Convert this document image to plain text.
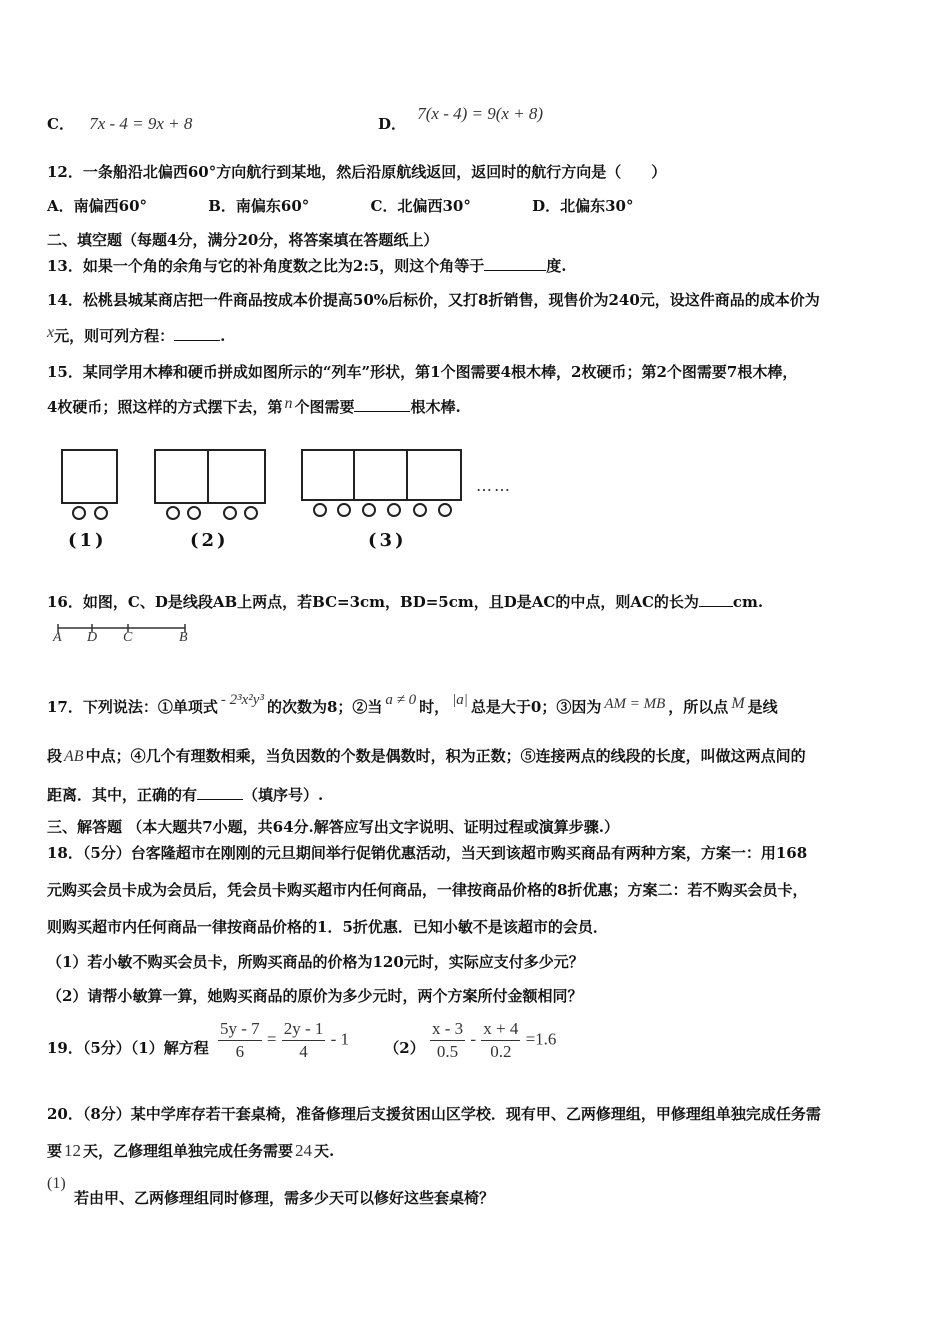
C． 7x - 4 = 9x + 8	D． 7(x - 4) = 9(x + 8)
12．一条船沿北偏西60°方向航行到某地，然后沿原航线返回，返回时的航行方向是（　　）
A．南偏西60°	B．南偏东60°	C．北偏西30°	D．北偏东30°
二、填空题（每题4分，满分20分，将答案填在答题纸上）
13．如果一个角的余角与它的补角度数之比为2:5，则这个角等于	度.
14．松桃县城某商店把一件商品按成本价提高50%后标价，又打8折销售，现售价为240元，设这件商品的成本价为
x元，则可列方程：	.
15．某同学用木棒和硬币拼成如图所示的“列车”形状，第1个图需要4根木棒，2枚硬币；第2个图需要7根木棒，
4枚硬币；照这样的方式摆下去，第 n 个图需要	根木棒.
(1)	(2)	(3)
……
16．如图，C、D是线段AB上两点，若BC=3cm，BD=5cm，且D是AC的中点，则AC的长为 cm.
A D C	B
17．下列说法：①单项式 - 2³x²y³ 的次数为8；②当 a ≠ 0 时， |a| 总是大于0；③因为 AM = MB ，所以点 M 是线
段 AB 中点；④几个有理数相乘，当负因数的个数是偶数时，积为正数；⑤连接两点的线段的长度，叫做这两点间的
距离．其中，正确的有	（填序号）.
三、解答题 （本大题共7小题，共64分.解答应写出文字说明、证明过程或演算步骤.）
18．（5分）台客隆超市在刚刚的元旦期间举行促销优惠活动，当天到该超市购买商品有两种方案，方案一：用168
元购买会员卡成为会员后，凭会员卡购买超市内任何商品，一律按商品价格的8折优惠；方案二：若不购买会员卡，
则购买超市内任何商品一律按商品价格的1．5折优惠．已知小敏不是该超市的会员．
（1）若小敏不购买会员卡，所购买商品的价格为120元时，实际应支付多少元？
（2）请帮小敏算一算，她购买商品的原价为多少元时，两个方案所付金额相同？
19．（5分）（1）解方程 $\frac{5y - 7}{6} = \frac{2y - 1}{4} - 1$ $(2) \frac{x - 3}{0.5} - \frac{x + 4}{0.2} =1.6$
20．（8分）某中学库存若干套桌椅，准备修理后支援贫困山区学校．现有甲、乙两修理组，甲修理组单独完成任务需
要 12 天，乙修理组单独完成任务需要 24 天.
(1)
若由甲、乙两修理组同时修理，需多少天可以修好这些套桌椅？
